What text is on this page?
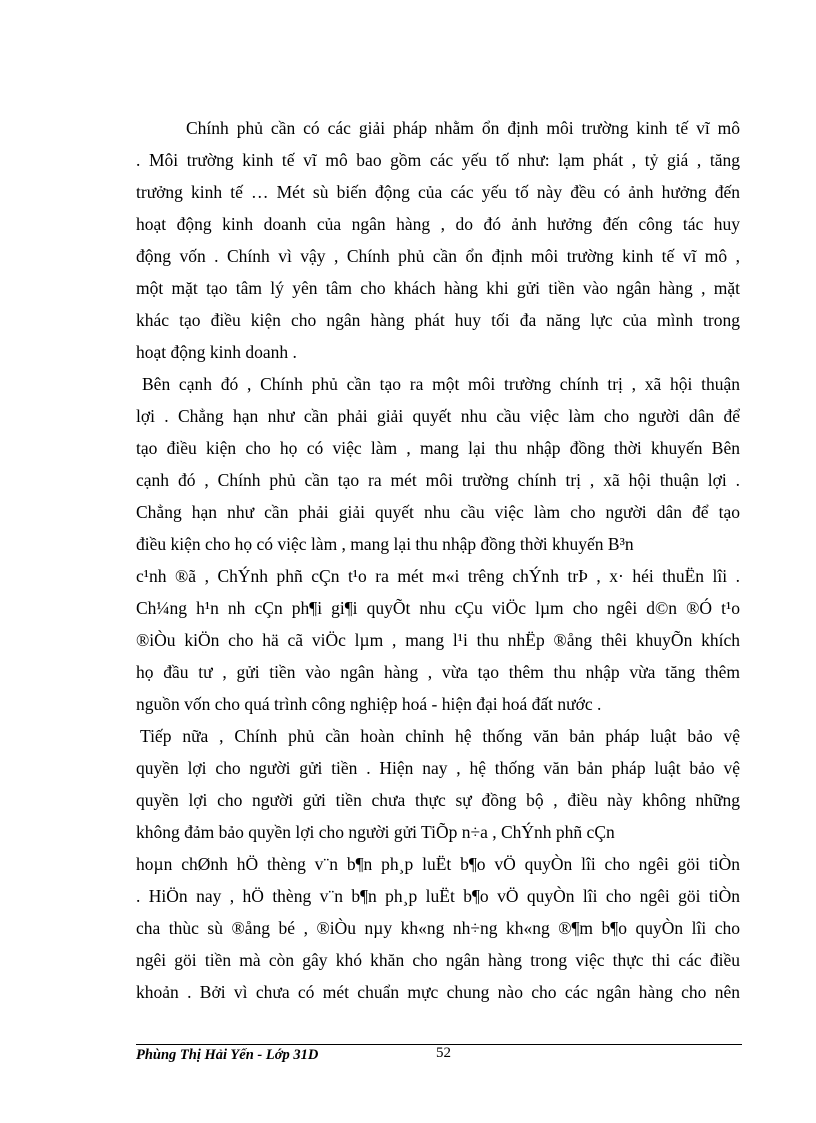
Chính phủ cần có các giải pháp nhằm ổn định môi trường kinh tế vĩ mô
. Môi trường kinh tế vĩ mô bao gồm các yếu tố như: lạm phát , tỷ giá , tăng
trưởng kinh tế … Mét sù biến động của các yếu tố này đều có ảnh hưởng đến
hoạt động kinh doanh của ngân hàng , do đó ảnh hưởng đến công tác huy
động vốn . Chính vì vậy , Chính phủ cần ổn định môi trường kinh tế vĩ mô ,
một mặt tạo tâm lý yên tâm cho khách hàng khi gửi tiền vào ngân hàng , mặt
khác tạo điều kiện cho ngân hàng phát huy tối đa năng lực của mình trong
hoạt động kinh doanh .
Bên cạnh đó , Chính phủ cần tạo ra một môi trường chính trị , xã hội thuận
lợi . Chẳng hạn như cần phải giải quyết nhu cầu việc làm cho người dân để
tạo điều kiện cho họ có việc làm , mang lại thu nhập đồng thời khuyến Bên
cạnh đó , Chính phủ cần tạo ra mét môi trường chính trị , xã hội thuận lợi .
Chẳng hạn như cần phải giải quyết nhu cầu việc làm cho người dân để tạo
điều kiện cho họ có việc làm , mang lại thu nhập đồng thời khuyến B³n
c¹nh ®ã , ChÝnh phñ cÇn t¹o ra mét m«i trêng chÝnh trÞ , x· héi thuËn lîi .
Ch¼ng h¹n nh cÇn ph¶i gi¶i quyÕt nhu cÇu viÖc lµm cho ngêi d©n ®Ó t¹o
®iÒu kiÖn cho hä cã viÖc lµm , mang l¹i thu nhËp ®ång thêi khuyÕn khích
họ đầu tư , gửi tiền vào ngân hàng , vừa tạo thêm thu nhập vừa tăng thêm
nguồn vốn cho quá trình công nghiệp hoá - hiện đại hoá đất nước .
Tiếp nữa , Chính phủ cần hoàn chỉnh hệ thống văn bản pháp luật bảo vệ
quyền lợi cho người gửi tiền . Hiện nay , hệ thống văn bản pháp luật bảo vệ
quyền lợi cho người gửi tiền chưa thực sự đồng bộ , điều này không những
không đảm bảo quyền lợi cho người gửi TiÕp n÷a , ChÝnh phñ cÇn
hoµn chØnh hÖ thèng v¨n b¶n ph¸p luËt b¶o vÖ quyÒn lîi cho ngêi göi tiÒn
. HiÖn nay , hÖ thèng v¨n b¶n ph¸p luËt b¶o vÖ quyÒn lîi cho ngêi göi tiÒn
cha thùc sù ®ång bé , ®iÒu nµy kh«ng nh÷ng kh«ng ®¶m b¶o quyÒn lîi cho
ngêi göi tiền mà còn gây khó khăn cho ngân hàng trong việc thực thi các điều
khoản . Bởi vì chưa có mét chuẩn mực chung nào cho các ngân hàng cho nên
Phùng Thị Hải Yến - Lớp 31D	52
